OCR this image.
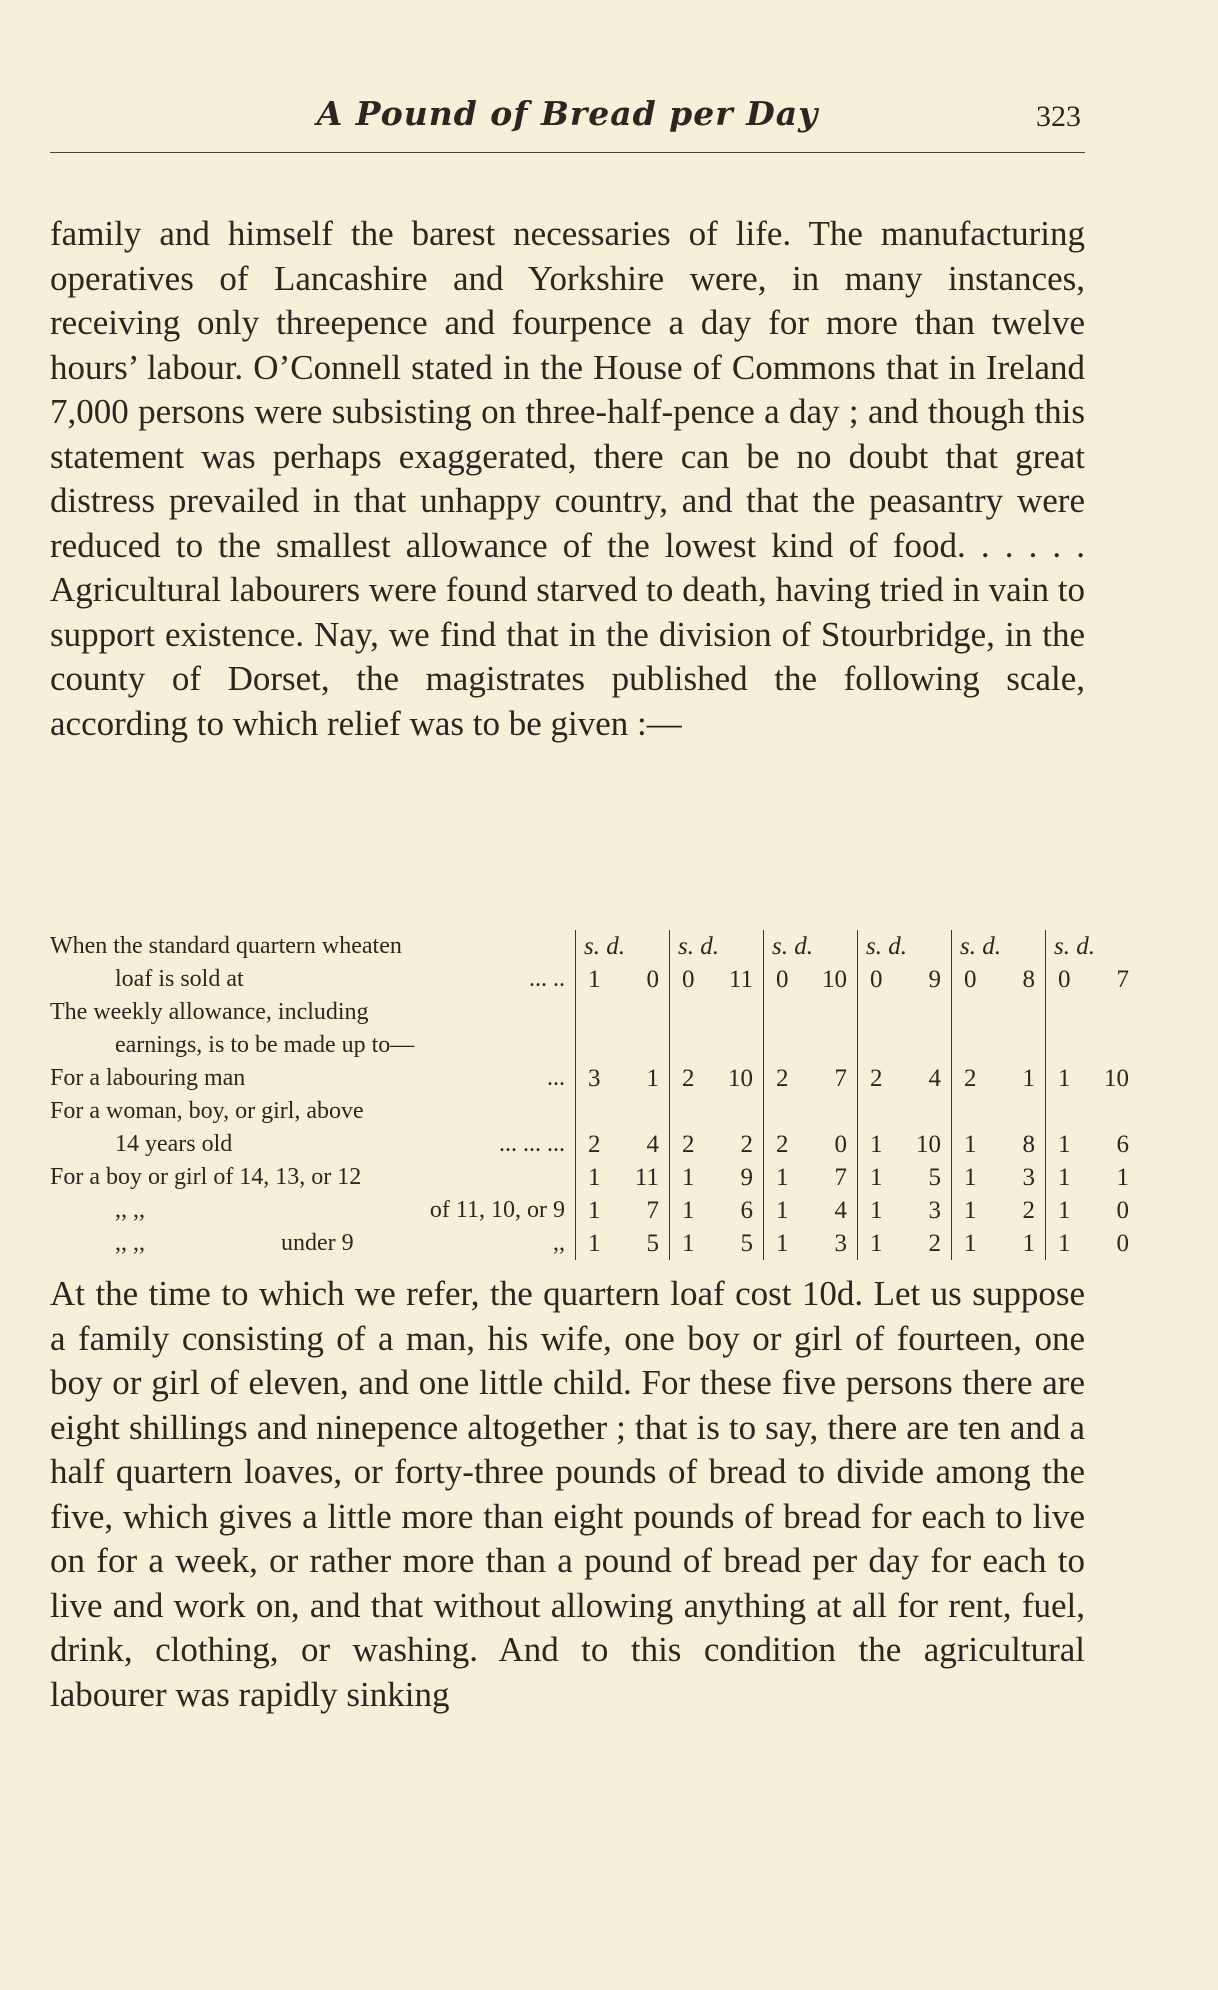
A Pound of Bread per Day	323

family and himself the barest necessaries of life. The manufacturing operatives of Lancashire and Yorkshire were, in many instances, receiving only threepence and fourpence a day for more than twelve hours’ labour. O’Connell stated in the House of Commons that in Ireland 7,000 persons were subsisting on three-half-pence a day ; and though this statement was perhaps exaggerated, there can be no doubt that great distress prevailed in that unhappy country, and that the peasantry were reduced to the smallest allowance of the lowest kind of food. . . . . . Agricultural labourers were found starved to death, having tried in vain to support existence. Nay, we find that in the division of Stourbridge, in the county of Dorset, the magistrates published the following scale, according to which relief was to be given :—

When the standard quartern wheaten	s. d.	s. d.	s. d.	s. d.	s. d.	s. d.
loaf is sold at ... ..	1 0	0 11	0 10	0 9	0 8	0 7

The weekly allowance, including						
earnings, is to be made up to—						
For a labouring man ...	3 1	2 10	2 7	2 4	2 1	1 10

For a woman, boy, or girl, above						
14 years old ... ... ...	2 4	2 2	2 0	1 10	1 8	1 6

For a boy or girl of 14, 13, or 12	1 11	1 9	1 7	1 5	1 3	1 1

,, ,, of 11, 10, or 9	1 7	1 6	1 4	1 3	1 2	1 0

,, ,, under 9 ,,	1 5	1 5	1 3	1 2	1 1	1 0

At the time to which we refer, the quartern loaf cost 10d. Let us suppose a family consisting of a man, his wife, one boy or girl of fourteen, one boy or girl of eleven, and one little child. For these five persons there are eight shillings and ninepence altogether ; that is to say, there are ten and a half quartern loaves, or forty-three pounds of bread to divide among the five, which gives a little more than eight pounds of bread for each to live on for a week, or rather more than a pound of bread per day for each to live and work on, and that without allowing anything at all for rent, fuel, drink, clothing, or washing. And to this condition the agricultural labourer was rapidly sinking
